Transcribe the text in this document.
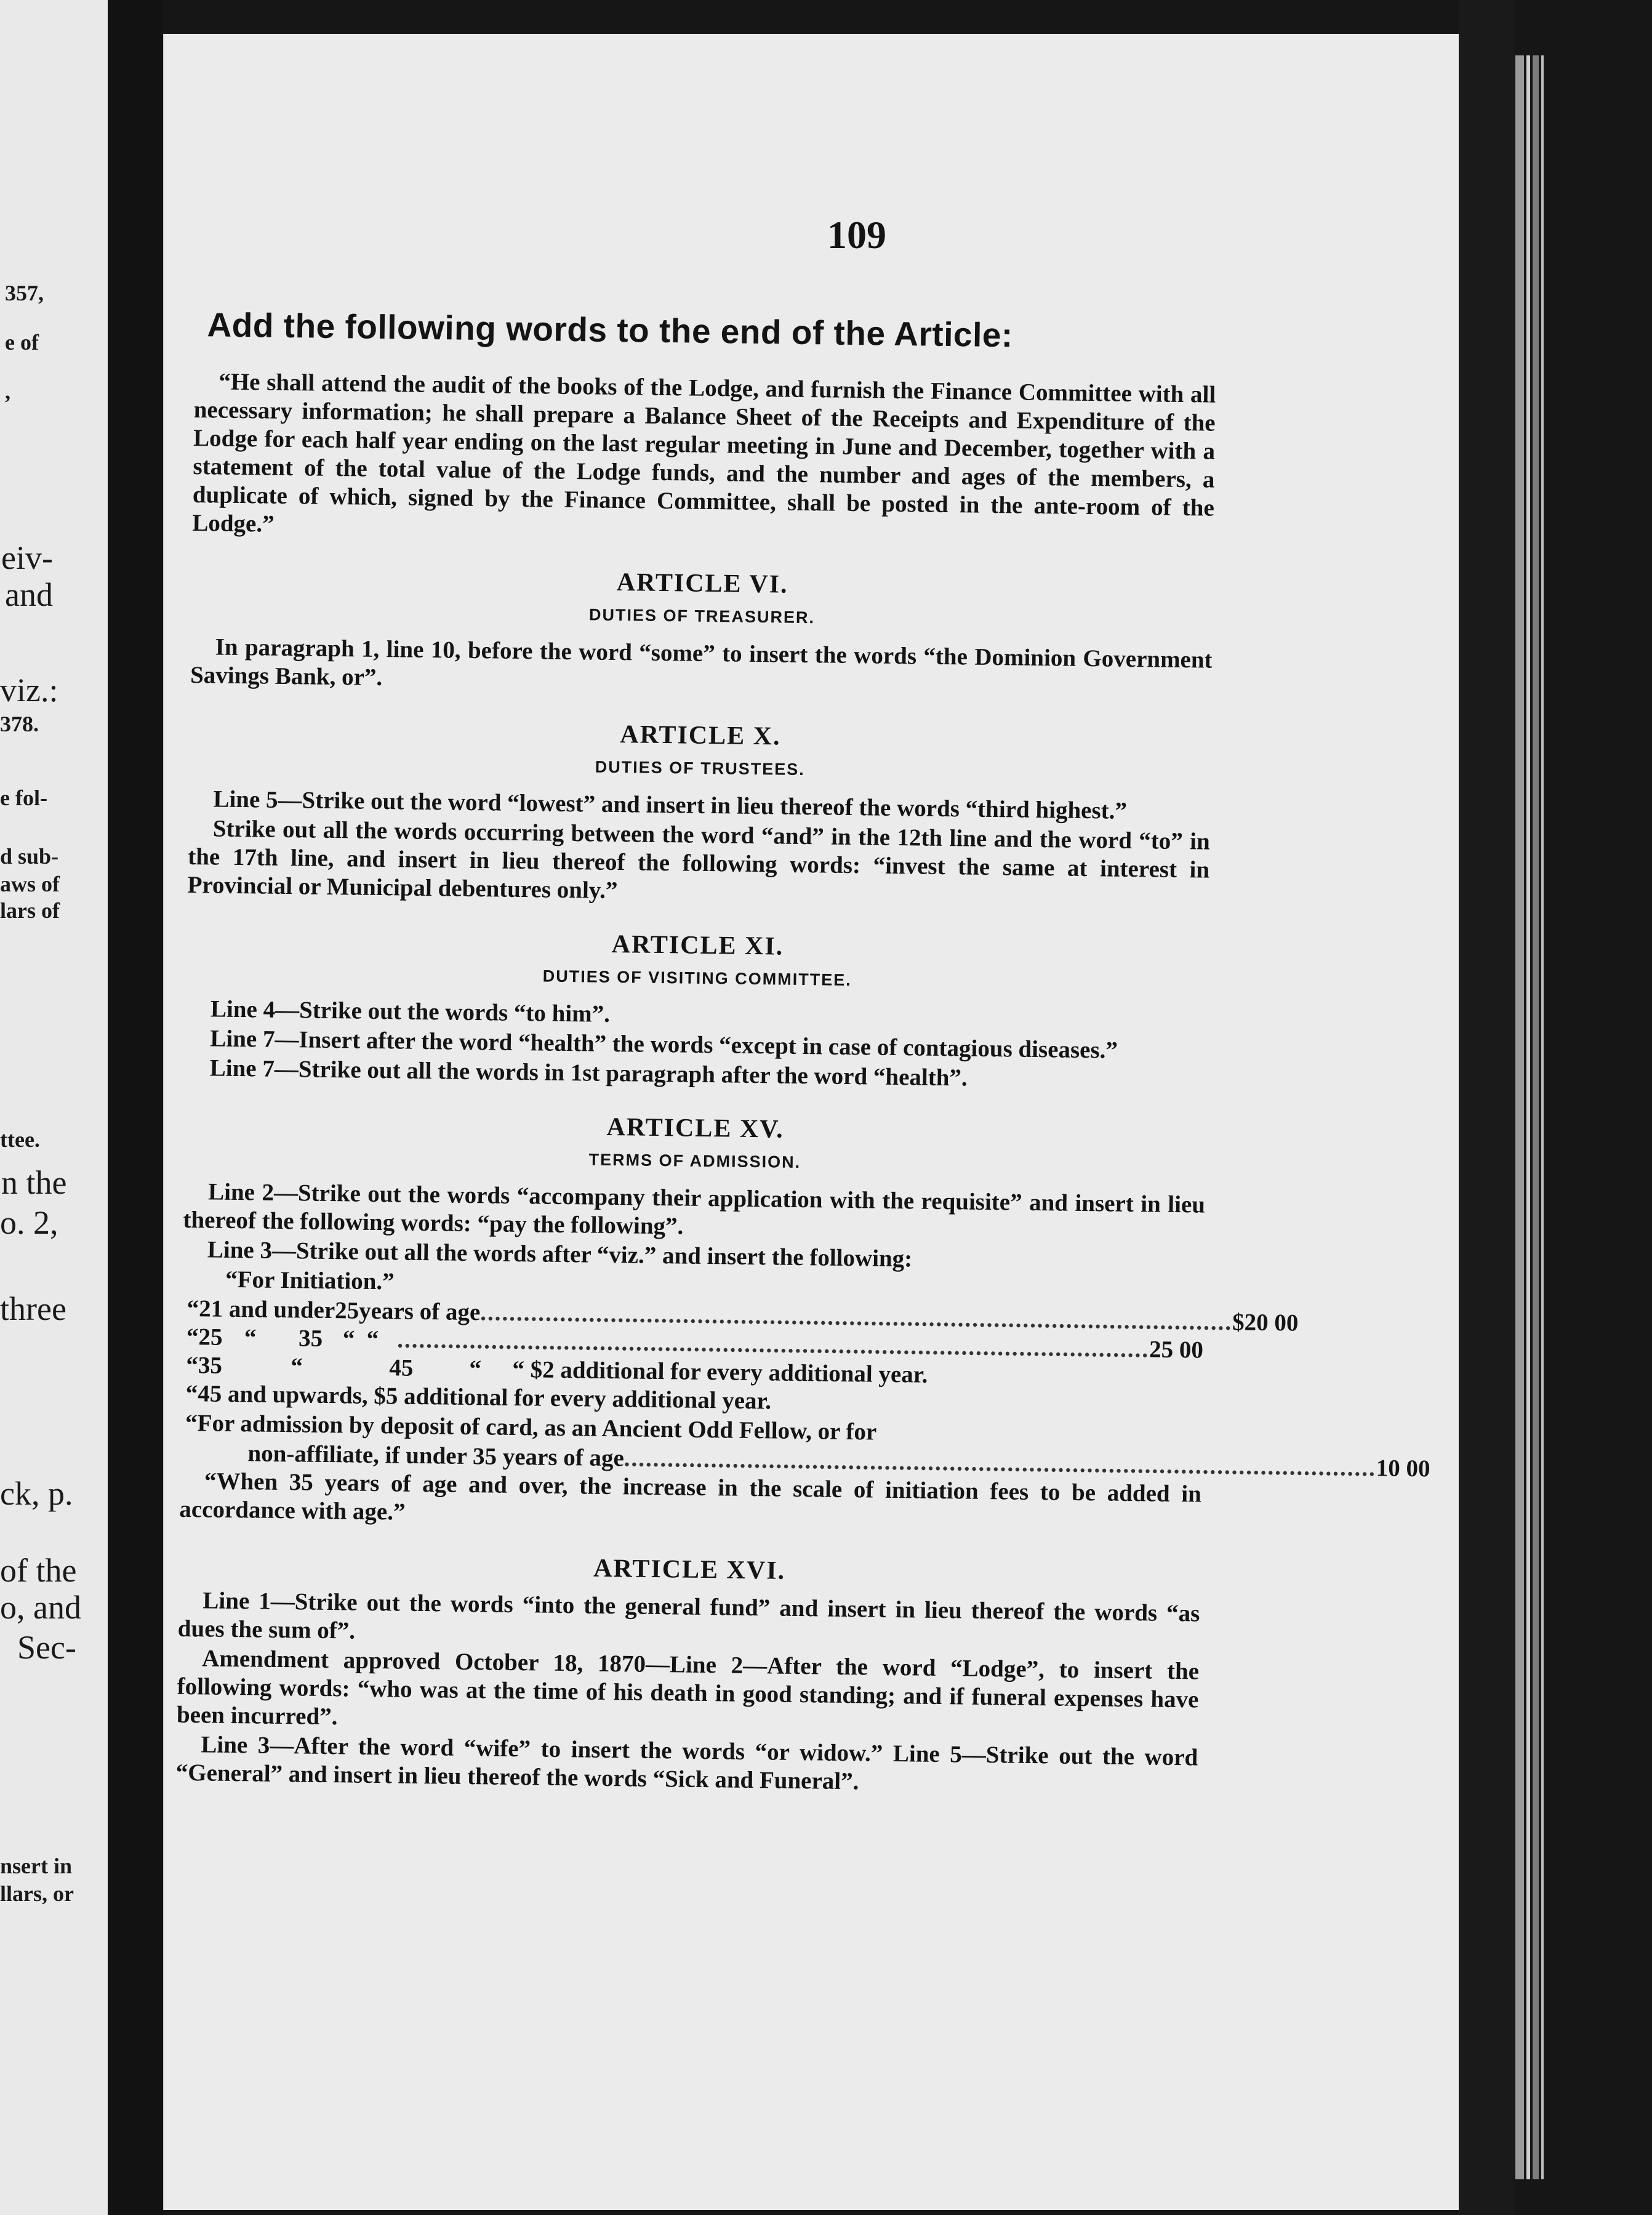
357,
e of
,
eiv-
and
viz.:
378.
e fol-
d sub-
aws of
lars of
ttee.
n the
o. 2,
three
ck, p.
of the
o, and
Sec-
nsert in
llars, or
109
Add the following words to the end of the Article:

“He shall attend the audit of the books of the Lodge, and furnish the Finance Committee with all necessary information; he shall prepare a Balance Sheet of the Receipts and Expenditure of the Lodge for each half year ending on the last regular meeting in June and December, together with a statement of the total value of the Lodge funds, and the number and ages of the members, a duplicate of which, signed by the Finance Committee, shall be posted in the ante-room of the Lodge.”

ARTICLE VI.
DUTIES OF TREASURER.

In paragraph 1, line 10, before the word “some” to insert the words “the Dominion Government Savings Bank, or”.

ARTICLE X.
DUTIES OF TRUSTEES.

Line 5—Strike out the word “lowest” and insert in lieu thereof the words “third highest.”

Strike out all the words occurring between the word “and” in the 12th line and the word “to” in the 17th line, and insert in lieu thereof the following words: “invest the same at interest in Provincial or Municipal debentures only.”

ARTICLE XI.
DUTIES OF VISITING COMMITTEE.

Line 4—Strike out the words “to him”.

Line 7—Insert after the word “health” the words “except in case of contagious diseases.”

Line 7—Strike out all the words in 1st paragraph after the word “health”.

ARTICLE XV.
TERMS OF ADMISSION.

Line 2—Strike out the words “accompany their application with the requisite” and insert in lieu thereof the following words: “pay the following”.

Line 3—Strike out all the words after “viz.” and insert the following:

“For Initiation.”

“21 and under 25 years of age ........................................................................................................ $20 00
“25 “	35 “ “ ........................................................................................................ 25 00
“35	“	45	“	“ $2 additional for every additional year.

“45 and upwards, $5 additional for every additional year.

“For admission by deposit of card, as an Ancient Odd Fellow, or for

non-affiliate, if under 35 years of age ........................................................................................................ 10 00

“When 35 years of age and over, the increase in the scale of initiation fees to be added in accordance with age.”

ARTICLE XVI.

Line 1—Strike out the words “into the general fund” and insert in lieu thereof the words “as dues the sum of”.

Amendment approved October 18, 1870—Line 2—After the word “Lodge”, to insert the following words: “who was at the time of his death in good standing; and if funeral expenses have been incurred”.

Line 3—After the word “wife” to insert the words “or widow.” Line 5—Strike out the word “General” and insert in lieu thereof the words “Sick and Funeral”.
